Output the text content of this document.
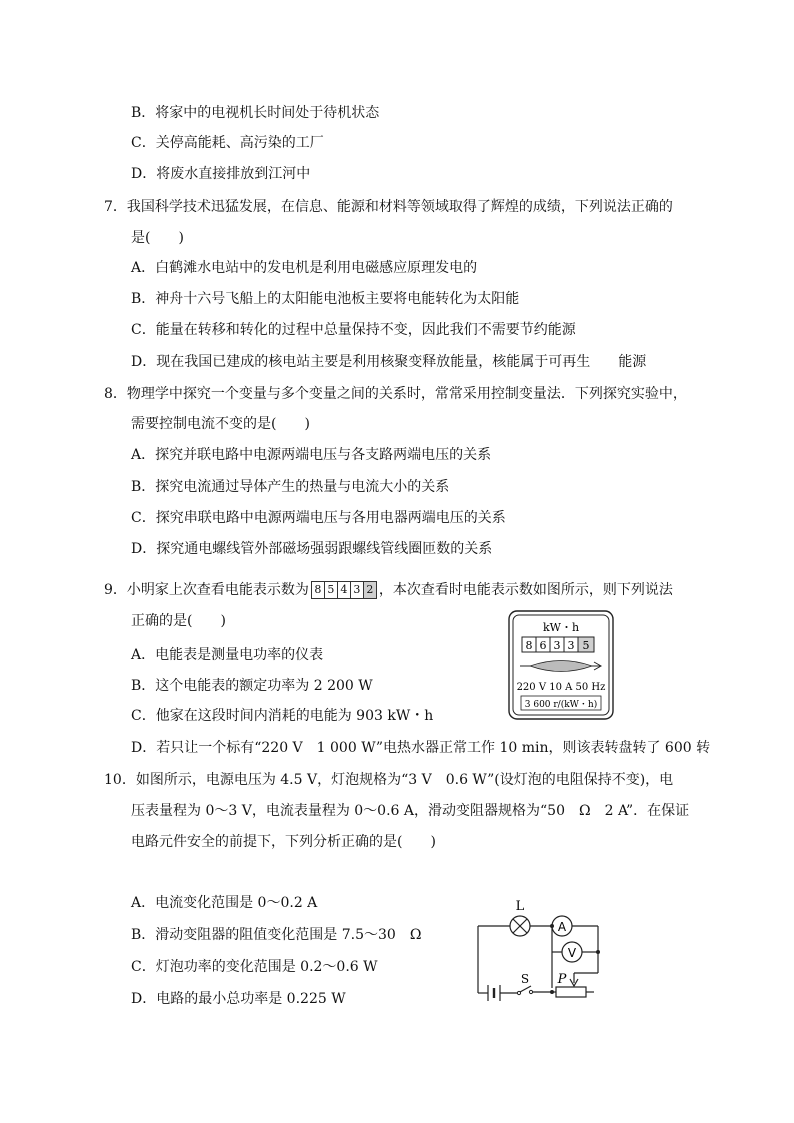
B．将家中的电视机长时间处于待机状态
C．关停高能耗、高污染的工厂
D．将废水直接排放到江河中
7．我国科学技术迅猛发展，在信息、能源和材料等领域取得了辉煌的成绩，下列说法正确的
是(　　)
A．白鹤滩水电站中的发电机是利用电磁感应原理发电的
B．神舟十六号飞船上的太阳能电池板主要将电能转化为太阳能
C．能量在转移和转化的过程中总量保持不变，因此我们不需要节约能源
D．现在我国已建成的核电站主要是利用核聚变释放能量，核能属于可再生　　能源
8．物理学中探究一个变量与多个变量之间的关系时，常常采用控制变量法．下列探究实验中，
需要控制电流不变的是(　　)
A．探究并联电路中电源两端电压与各支路两端电压的关系
B．探究电流通过导体产生的热量与电流大小的关系
C．探究串联电路中电源两端电压与各用电器两端电压的关系
D．探究通电螺线管外部磁场强弱跟螺线管线圈匝数的关系
9．小明家上次查看电能表示数为 8 5 4 3 2 ，本次查看时电能表示数如图所示，则下列说法
正确的是(　　)
A．电能表是测量电功率的仪表
B．这个电能表的额定功率为 2 200 W
C．他家在这段时间内消耗的电能为 903 kW・h
D．若只让一个标有“220 V　1 000 W”电热水器正常工作 10 min，则该表转盘转了 600 转
kW・h
8 6 3 3 5
220 V 10 A 50 Hz
3 600 r/(kW・h)
10．如图所示，电源电压为 4.5 V，灯泡规格为“3 V　0.6 W”(设灯泡的电阻保持不变)，电
压表量程为 0～3 V，电流表量程为 0～0.6 A，滑动变阻器规格为“50　Ω　2 A”．在保证
电路元件安全的前提下，下列分析正确的是(　　)
A．电流变化范围是 0～0.2 A
B．滑动变阻器的阻值变化范围是 7.5～30　Ω
C．灯泡功率的变化范围是 0.2～0.6 W
D．电路的最小总功率是 0.225 W
L
A
V
S P
